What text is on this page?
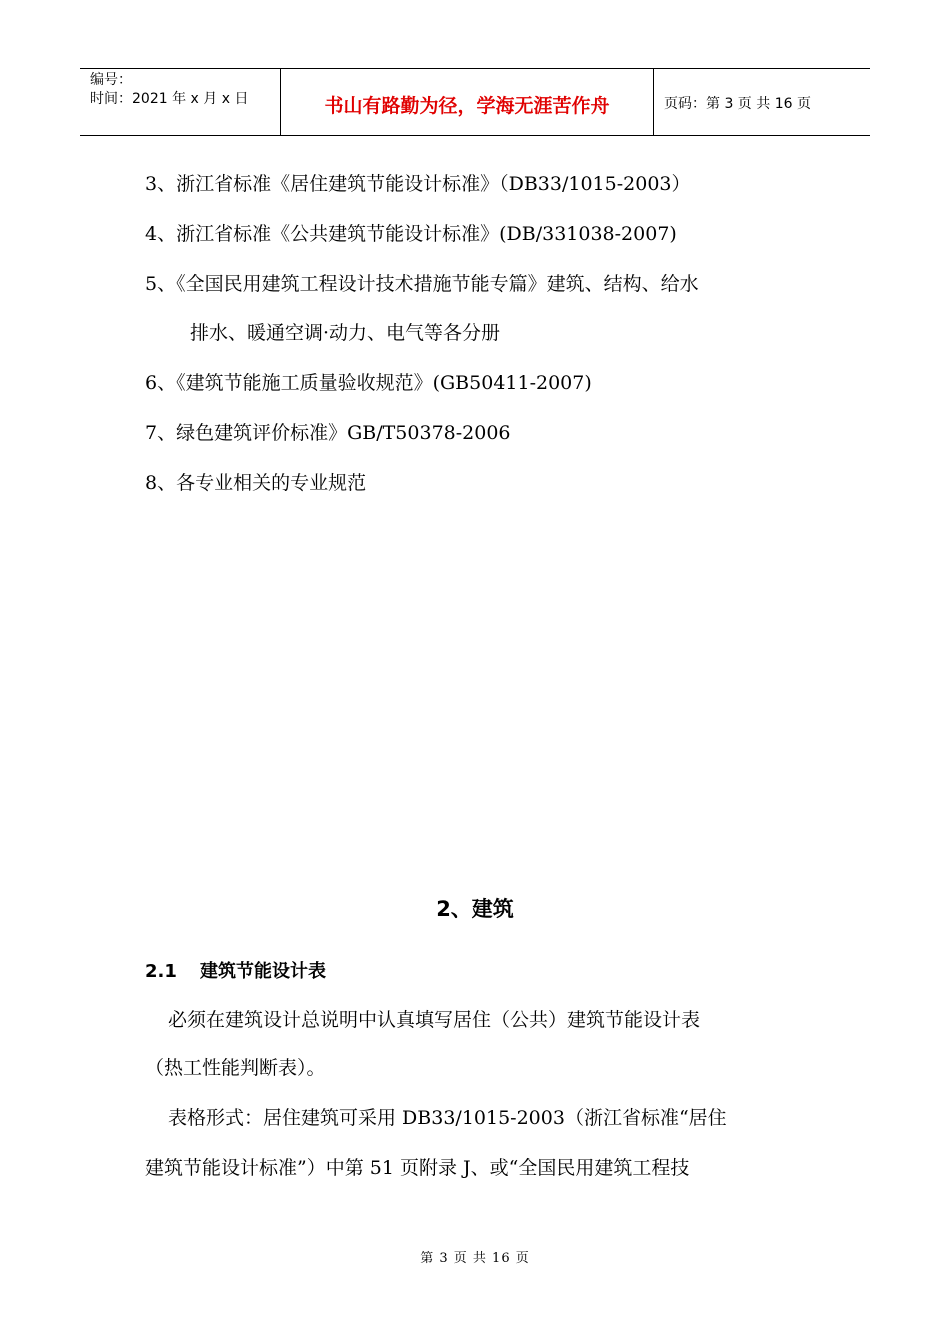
编号：
时间：2021 年 x 月 x 日	书山有路勤为径，学海无涯苦作舟	页码：第 3 页 共 16 页
3、浙江省标准《居住建筑节能设计标准》（DB33/1015-2003）
4、浙江省标准《公共建筑节能设计标准》(DB/331038-2007)
5、《全国民用建筑工程设计技术措施节能专篇》建筑、结构、给水
排水、暖通空调·动力、电气等各分册
6、《建筑节能施工质量验收规范》(GB50411-2007)
7、绿色建筑评价标准》GB/T50378-2006
8、各专业相关的专业规范
2、建筑
2.1 建筑节能设计表
必须在建筑设计总说明中认真填写居住（公共）建筑节能设计表
（热工性能判断表）。
表格形式：居住建筑可采用 DB33/1015-2003（浙江省标准“居住
建筑节能设计标准”）中第 51 页附录 J、或“全国民用建筑工程技
第 3 页 共 16 页
